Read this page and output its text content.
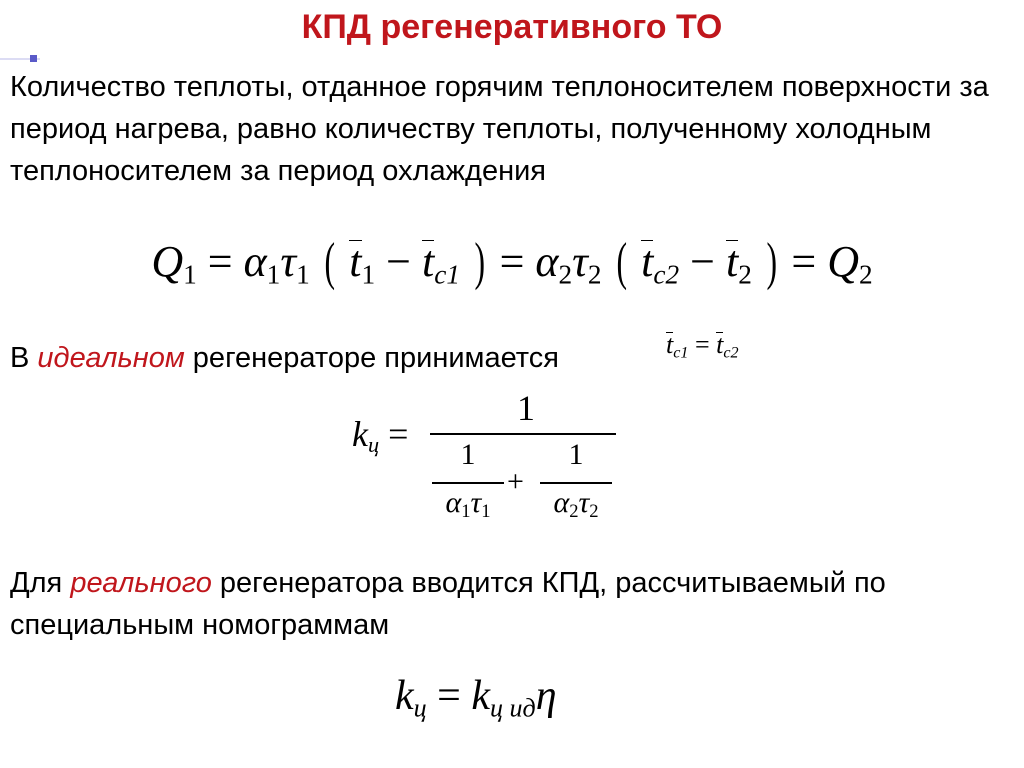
КПД регенеративного ТО

Количество теплоты, отданное горячим теплоносителем поверхности за период нагрева, равно количеству теплоты, полученному холодным теплоносителем за период охлаждения

$Q_1 = \alpha_1\tau_1$ ( $t_1 - t_{c1}$ ) = $\alpha_2\tau_2$ ( $t_{c2} - t_2$ ) = $Q_2$

В идеальном регенераторе принимается	$t_{c1} = t_{c2}$
$k_ц$ =
1
1
$\alpha_1\tau_1$
+
1
$\alpha_2\tau_2$

Для реального регенератора вводится КПД, рассчитываемый по специальным номограммам

$k_ц = k_{ц ид}\eta$
